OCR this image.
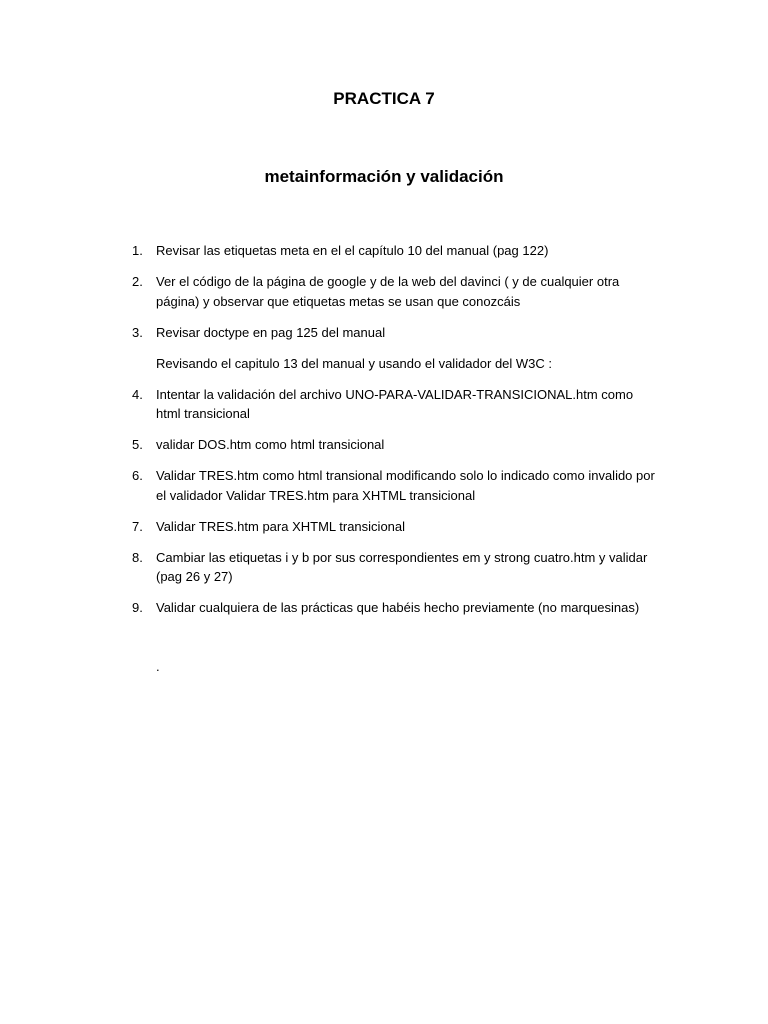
PRACTICA 7
metainformación y validación
1.	Revisar las etiquetas meta en el el capítulo 10 del manual (pag 122)
2.	Ver el código de la página de google y de la web del davinci ( y de cualquier otra página) y observar que etiquetas metas se usan que conozcáis
3.	Revisar doctype en pag 125 del manual
Revisando el capitulo 13 del manual y usando el validador del W3C :
4.	Intentar la validación del archivo UNO-PARA-VALIDAR-TRANSICIONAL.htm como html transicional
5.	validar DOS.htm como html transicional
6.	Validar TRES.htm como html transional modificando solo lo indicado como invalido por el validador Validar TRES.htm para XHTML transicional
7.	Validar TRES.htm para XHTML transicional
8.	Cambiar las etiquetas i y b por sus correspondientes em y strong cuatro.htm y validar (pag 26 y 27)
9.	Validar cualquiera de las prácticas que habéis hecho previamente (no marquesinas)
.
